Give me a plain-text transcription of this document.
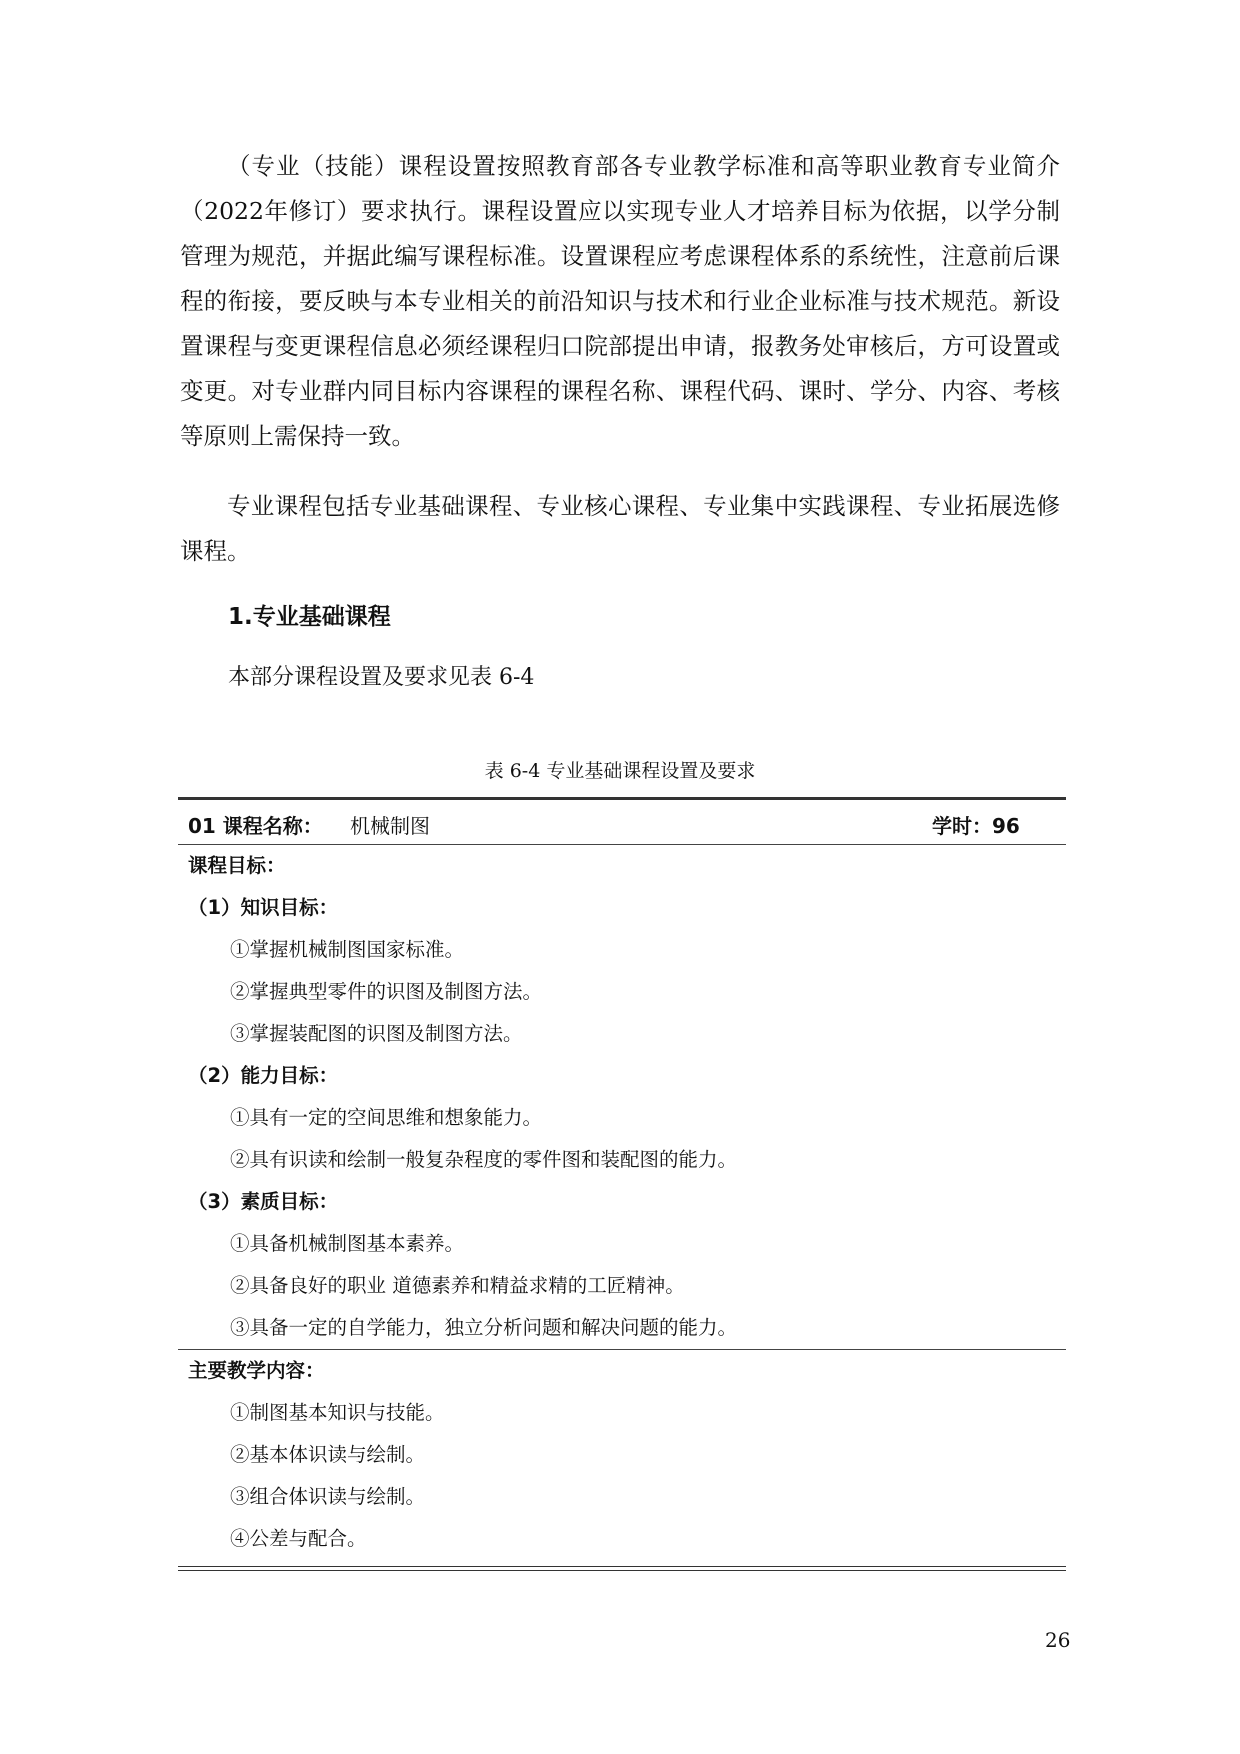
（专业（技能）课程设置按照教育部各专业教学标准和高等职业教育专业简介（2022年修订）要求执行。课程设置应以实现专业人才培养目标为依据，以学分制管理为规范，并据此编写课程标准。设置课程应考虑课程体系的系统性，注意前后课程的衔接，要反映与本专业相关的前沿知识与技术和行业企业标准与技术规范。新设置课程与变更课程信息必须经课程归口院部提出申请，报教务处审核后，方可设置或变更。对专业群内同目标内容课程的课程名称、课程代码、课时、学分、内容、考核等原则上需保持一致。

专业课程包括专业基础课程、专业核心课程、专业集中实践课程、专业拓展选修课程。

1.专业基础课程

本部分课程设置及要求见表 6-4

表 6-4 专业基础课程设置及要求

01 课程名称： 机械制图	学时：96
课程目标：
（1）知识目标：
①掌握机械制图国家标准。
②掌握典型零件的识图及制图方法。
③掌握装配图的识图及制图方法。
（2）能力目标：
①具有一定的空间思维和想象能力。
②具有识读和绘制一般复杂程度的零件图和装配图的能力。
（3）素质目标：
①具备机械制图基本素养。
②具备良好的职业 道德素养和精益求精的工匠精神。
③具备一定的自学能力，独立分析问题和解决问题的能力。
主要教学内容：
①制图基本知识与技能。
②基本体识读与绘制。
③组合体识读与绘制。
④公差与配合。

26
